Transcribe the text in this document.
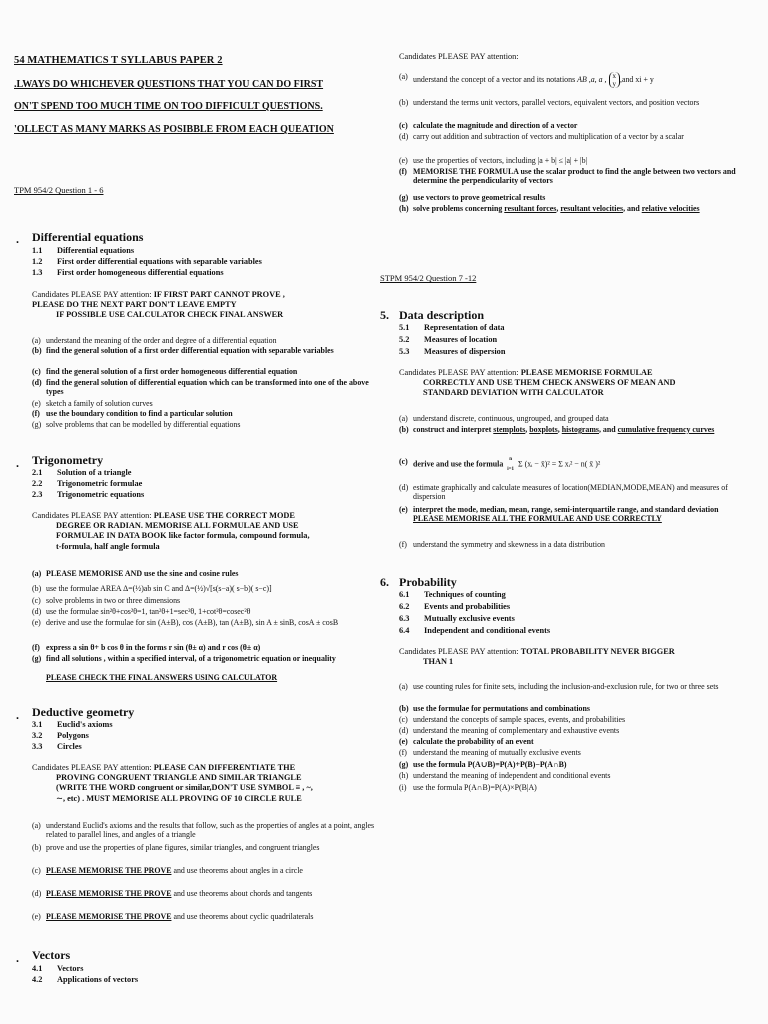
54 MATHEMATICS T SYLLABUS PAPER 2
.LWAYS DO WHICHEVER QUESTIONS THAT YOU CAN DO FIRST
ON'T SPEND TOO MUCH TIME ON TOO DIFFICULT QUESTIONS.
'OLLECT AS MANY MARKS AS POSIBBLE FROM EACH QUEATION
TPM 954/2 Question 1 - 6
. Differential equations
1.1 Differential equations
1.2 First order differential equations with separable variables
1.3 First order homogeneous differential equations
Candidates PLEASE PAY attention: IF FIRST PART CANNOT PROVE ,
PLEASE DO THE NEXT PART DON'T LEAVE EMPTY
IF POSSIBLE USE CALCULATOR CHECK FINAL ANSWER
(a) understand the meaning of the order and degree of a differential equation
(b) find the general solution of a first order differential equation with separable variables
(c) find the general solution of a first order homogeneous differential equation
(d) find the general solution of differential equation which can be transformed into one of the above types
(e) sketch a family of solution curves
(f) use the boundary condition to find a particular solution
(g) solve problems that can be modelled by differential equations
. Trigonometry
2.1 Solution of a triangle
2.2 Trigonometric formulae
2.3 Trigonometric equations
Candidates PLEASE PAY attention: PLEASE USE THE CORRECT MODE
DEGREE OR RADIAN. MEMORISE ALL FORMULAE AND USE
FORMULAE IN DATA BOOK like factor formula, compound formula,
t-formula, half angle formula
(a) PLEASE MEMORISE AND use the sine and cosine rules
(b) use the formulae AREA Δ=(½)ab sin C and Δ=(½)√[s(s−a)( s−b)( s−c)]
(c) solve problems in two or three dimensions
(d) use the formulae sin²θ+cos²θ=1, tan²θ+1=sec²θ, 1+cot²θ=cosec²θ
(e) derive and use the formulae for sin (A±B), cos (A±B), tan (A±B), sin A ± sinB, cosA ± cosB
(f) express a sin θ+ b cos θ in the forms r sin (θ± α) and r cos (θ± α)
(g) find all solutions , within a specified interval, of a trigonometric equation or inequality
PLEASE CHECK THE FINAL ANSWERS USING CALCULATOR
. Deductive geometry
3.1 Euclid's axioms
3.2 Polygons
3.3 Circles
Candidates PLEASE PAY attention: PLEASE CAN DIFFERENTIATE THE
PROVING CONGRUENT TRIANGLE AND SIMILAR TRIANGLE
(WRITE THE WORD congruent or similar,DON'T USE SYMBOL ≡ , ~,
∼, etc) . MUST MEMORISE ALL PROVING OF 10 CIRCLE RULE
(a) understand Euclid's axioms and the results that follow, such as the properties of angles at a point, angles related to parallel lines, and angles of a triangle
(b) prove and use the properties of plane figures, similar triangles, and congruent triangles
(c) PLEASE MEMORISE THE PROVE and use theorems about angles in a circle
(d) PLEASE MEMORISE THE PROVE and use theorems about chords and tangents
(e) PLEASE MEMORISE THE PROVE and use theorems about cyclic quadrilaterals
. Vectors
4.1 Vectors
4.2 Applications of vectors
Candidates PLEASE PAY attention:
(a) understand the concept of a vector and its notations AB ,a, a , x
y,and xi + y
(b) understand the terms unit vectors, parallel vectors, equivalent vectors, and position vectors
(c) calculate the magnitude and direction of a vector
(d) carry out addition and subtraction of vectors and multiplication of a vector by a scalar
(e) use the properties of vectors, including |a + b| ≤ |a| + |b|
(f) MEMORISE THE FORMULA use the scalar product to find the angle between two vectors and determine the perpendicularity of vectors
(g) use vectors to prove geometrical results
(h) solve problems concerning resultant forces, resultant velocities, and relative velocities
STPM 954/2 Question 7 -12
5. Data description
5.1 Representation of data
5.2 Measures of location
5.3 Measures of dispersion
Candidates PLEASE PAY attention: PLEASE MEMORISE FORMULAE
CORRECTLY AND USE THEM CHECK ANSWERS OF MEAN AND
STANDARD DEVIATION WITH CALCULATOR
(a) understand discrete, continuous, ungrouped, and grouped data
(b) construct and interpret stemplots, boxplots, histograms, and cumulative frequency curves
(c) derive and use the formula n

i=1 Σ (xᵢ − x̄)² = Σ xᵢ² − n( x̄ )²
(d) estimate graphically and calculate measures of location(MEDIAN,MODE,MEAN) and measures of dispersion
(e) interpret the mode, median, mean, range, semi-interquartile range, and standard deviation PLEASE MEMORISE ALL THE FORMULAE AND USE CORRECTLY
(f) understand the symmetry and skewness in a data distribution
6. Probability
6.1 Techniques of counting
6.2 Events and probabilities
6.3 Mutually exclusive events
6.4 Independent and conditional events
Candidates PLEASE PAY attention: TOTAL PROBABILITY NEVER BIGGER
THAN 1
(a) use counting rules for finite sets, including the inclusion-and-exclusion rule, for two or three sets
(b) use the formulae for permutations and combinations
(c) understand the concepts of sample spaces, events, and probabilities
(d) understand the meaning of complementary and exhaustive events
(e) calculate the probability of an event
(f) understand the meaning of mutually exclusive events
(g) use the formula P(A∪B)=P(A)+P(B)−P(A∩B)
(h) understand the meaning of independent and conditional events
(i) use the formula P(A∩B)=P(A)×P(B|A)
